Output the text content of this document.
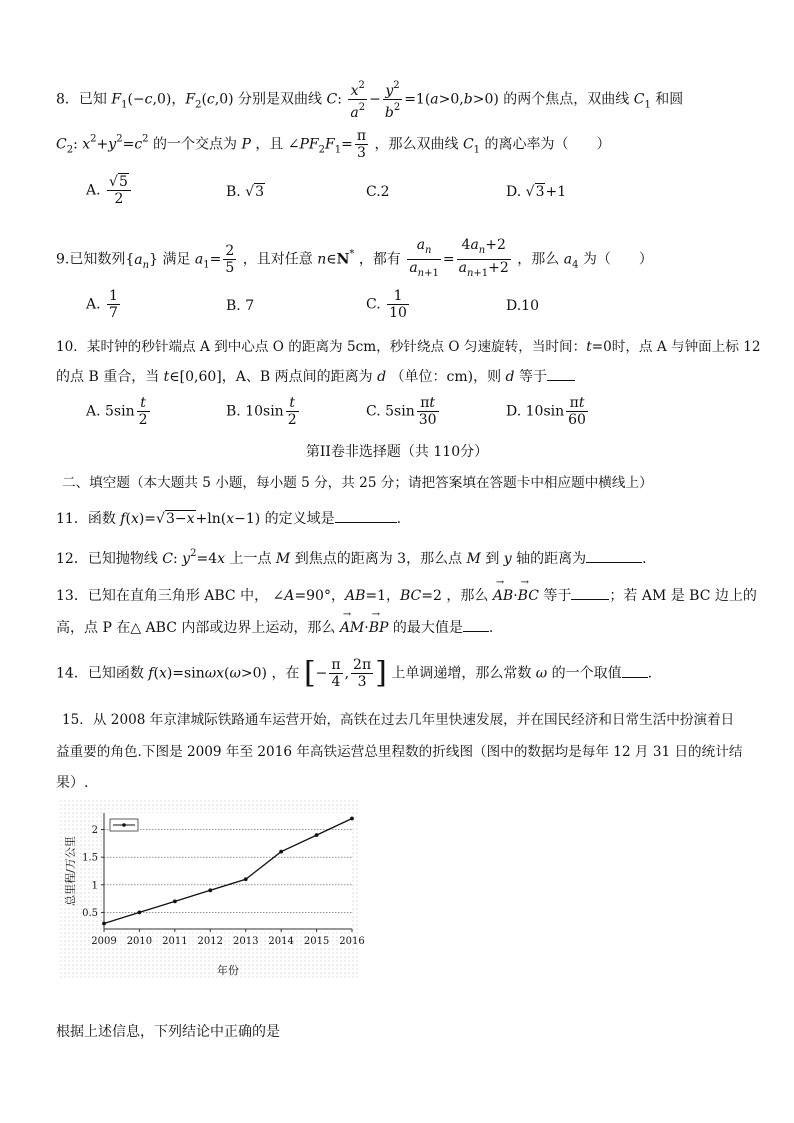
8．已知 $F_1(-c,0)$，$F_2(c,0)$ 分别是双曲线 C: $\frac{x^2}{a^2} - \frac{y^2}{b^2} =1(a>0,b>0)$ 的两个焦点，双曲线 $C_1$ 和圆
$C_2$: $x^2+y^2=c^2$ 的一个交点为 P ，且 $\angle PF_2F_1= \frac{\pi}{3}$ ，那么双曲线 $C_1$ 的离心率为（　　）
A. $\frac{√5}{2}$	B. √3	C.2	D. √3+1
9.已知数列$\{a_n\}$ 满足 $a_1= \frac{2}{5}$ ，且对任意 n∈N* ，都有 $\frac{a_n}{a_{n+1}} = \frac{4a_n+2}{a_{n+1}+2}$ ，那么 $a_4$ 为（　　）
A. $\frac{1}{7}$	B. 7	C. $\frac{1}{10}$	D.10
10．某时钟的秒针端点 A 到中心点 O 的距离为 5cm，秒针绕点 O 匀速旋转，当时间：t=0时，点 A 与钟面上标 12
的点 B 重合，当 t∈[0,60]，A、B 两点间的距离为 d （单位：cm)，则 d 等于
A. $5\sin \frac{t}{2}$	B. $10\sin \frac{t}{2}$	C. $5\sin \frac{\pi t}{30}$	D. $10\sin \frac{\pi t}{60}$
第II卷非选择题（共 110分）
二、填空题（本大题共 5 小题，每小题 5 分，共 25 分；请把答案填在答题卡中相应题中横线上）
11．函数 f(x)=√3−x+ln(x−1) 的定义域是	.
12．已知抛物线 C: $y^2=4x$ 上一点 M 到焦点的距离为 3，那么点 M 到 y 轴的距离为	.
13．已知在直角三角形 ABC 中， ∠A=90°，AB=1，BC=2 ，那么 → AB·→ BC 等于	；若 AM 是 BC 边上的
高，点 P 在△ ABC 内部或边界上运动，那么 → AM·→ BP 的最大值是 .
14．已知函数 f(x)=sinωx(ω>0) ，在 [− $\frac{\pi}{4}$ , $\frac{2\pi}{3}$ ] 上单调递增，那么常数 ω 的一个取值 .
15．从 2008 年京津城际铁路通车运营开始，高铁在过去几年里快速发展，并在国民经济和日常生活中扮演着日
益重要的角色.下图是 2009 年至 2016 年高铁运营总里程数的折线图（图中的数据均是每年 12 月 31 日的统计结
果）.
0.5
1
1.5
2
2009 2010 2011 2012 2013 2014 2015 2016
总里程/万公里
年份
根据上述信息，下列结论中正确的是
